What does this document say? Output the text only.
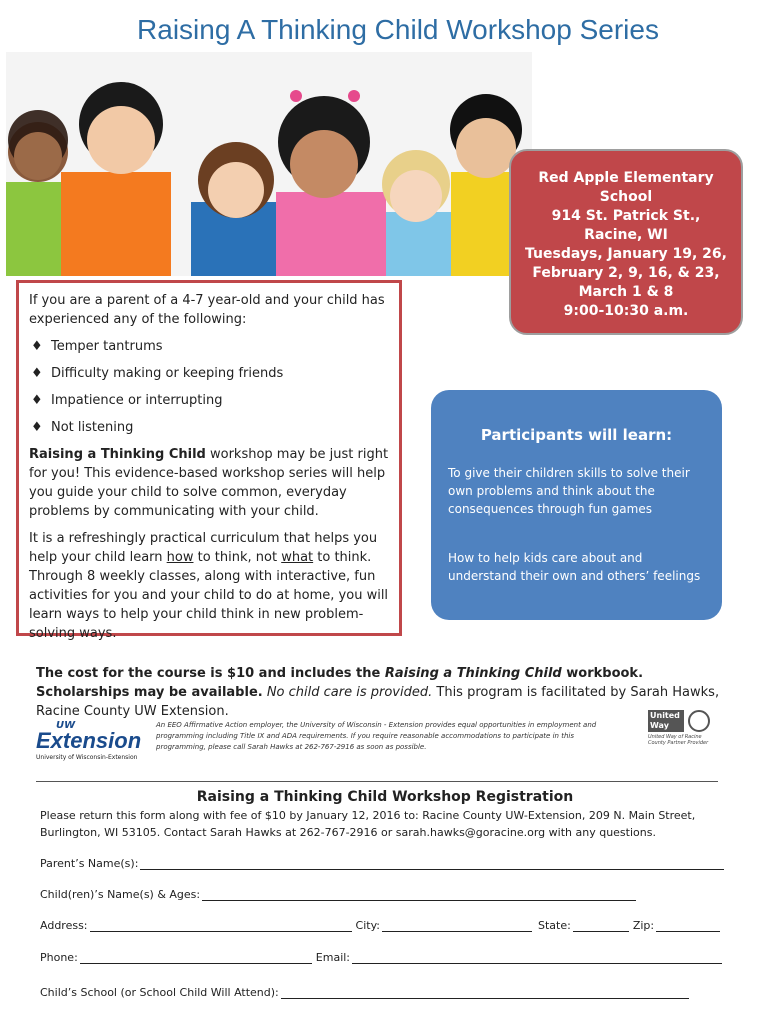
Raising A Thinking Child Workshop Series
Red Apple Elementary
School
914 St. Patrick St.,
Racine, WI
Tuesdays, January 19, 26,
February 2, 9, 16, & 23,
March 1 & 8
9:00-10:30 a.m.

If you are a parent of a 4-7 year-old and your child has experienced any of the following:

♦ Temper tantrums
♦ Difficulty making or keeping friends
♦ Impatience or interrupting
♦ Not listening

Raising a Thinking Child workshop may be just right for you! This evidence-based workshop series will help you guide your child to solve common, everyday problems by communicating with your child.

It is a refreshingly practical curriculum that helps you help your child learn how to think, not what to think. Through 8 weekly classes, along with interactive, fun activities for you and your child to do at home, you will learn ways to help your child think in new problem-solving ways.

Participants will learn:

To give their children skills to solve their own problems and think about the consequences through fun games

How to help kids care about and understand their own and others’ feelings

The cost for the course is $10 and includes the Raising a Thinking Child workbook. Scholarships may be available. No child care is provided. This program is facilitated by Sarah Hawks, Racine County UW Extension.
UW
Extension
University of Wisconsin-Extension
An EEO Affirmative Action employer, the University of Wisconsin - Extension provides equal opportunities in employment and programming including Title IX and ADA requirements. If you require reasonable accommodations to participate in this programming, please call Sarah Hawks at 262-767-2916 as soon as possible.
United Way
United Way of Racine County Partner Provider
Raising a Thinking Child Workshop Registration
Please return this form along with fee of $10 by January 12, 2016 to: Racine County UW-Extension, 209 N. Main Street, Burlington, WI 53105. Contact Sarah Hawks at 262-767-2916 or sarah.hawks@goracine.org with any questions.
Parent’s Name(s):
Child(ren)’s Name(s) & Ages:
Address:	City:	State:	Zip:
Phone:	Email:
Child’s School (or School Child Will Attend):
